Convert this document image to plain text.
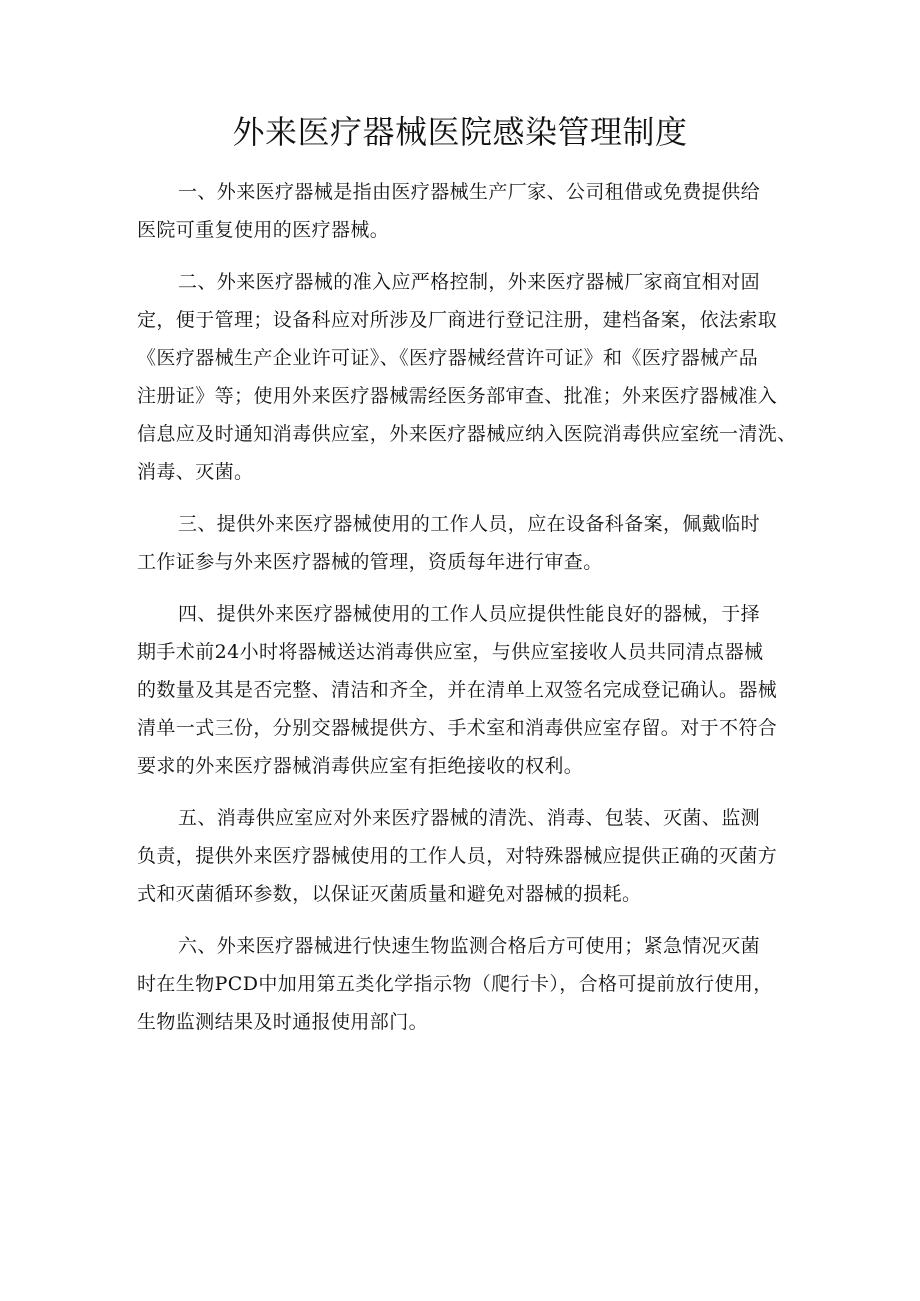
外来医疗器械医院感染管理制度
一、外来医疗器械是指由医疗器械生产厂家、公司租借或免费提供给
医院可重复使用的医疗器械。
二、外来医疗器械的准入应严格控制，外来医疗器械厂家商宜相对固
定，便于管理；设备科应对所涉及厂商进行登记注册，建档备案，依法索取
《医疗器械生产企业许可证》、《医疗器械经营许可证》和《医疗器械产品
注册证》等；使用外来医疗器械需经医务部审查、批准；外来医疗器械准入
信息应及时通知消毒供应室，外来医疗器械应纳入医院消毒供应室统一清洗、
消毒、灭菌。
三、提供外来医疗器械使用的工作人员，应在设备科备案，佩戴临时
工作证参与外来医疗器械的管理，资质每年进行审查。
四、提供外来医疗器械使用的工作人员应提供性能良好的器械，于择
期手术前24小时将器械送达消毒供应室，与供应室接收人员共同清点器械
的数量及其是否完整、清洁和齐全，并在清单上双签名完成登记确认。器械
清单一式三份，分别交器械提供方、手术室和消毒供应室存留。对于不符合
要求的外来医疗器械消毒供应室有拒绝接收的权利。
五、消毒供应室应对外来医疗器械的清洗、消毒、包装、灭菌、监测
负责，提供外来医疗器械使用的工作人员，对特殊器械应提供正确的灭菌方
式和灭菌循环参数，以保证灭菌质量和避免对器械的损耗。
六、外来医疗器械进行快速生物监测合格后方可使用；紧急情况灭菌
时在生物PCD中加用第五类化学指示物（爬行卡），合格可提前放行使用，
生物监测结果及时通报使用部门。
